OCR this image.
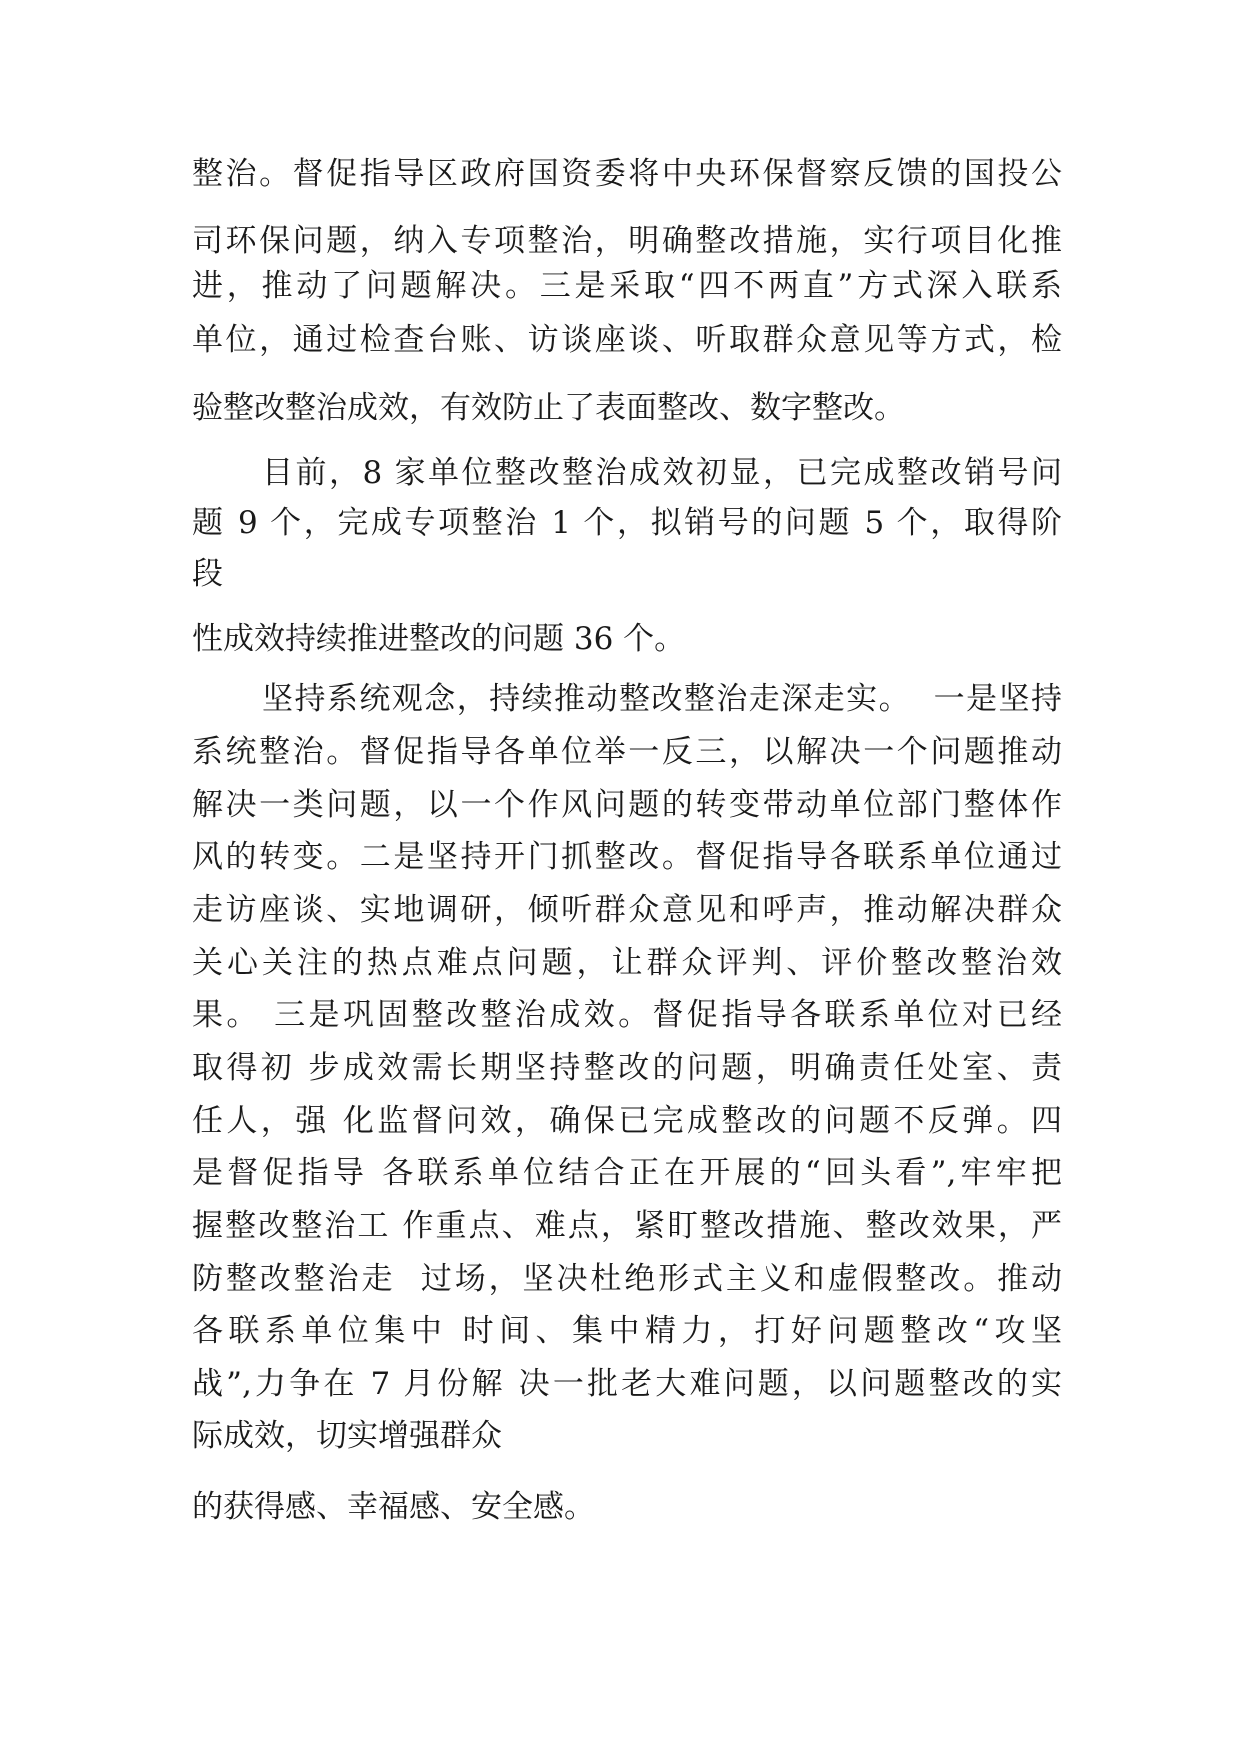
整治。督促指导区政府国资委将中央环保督察反馈的国投公
司环保问题，纳入专项整治，明确整改措施，实行项目化推
进，推动了问题解决。三是采取“四不两直”方式深入联系
单位，通过检查台账、访谈座谈、听取群众意见等方式，检
验整改整治成效，有效防止了表面整改、数字整改。
目前，8 家单位整改整治成效初显，已完成整改销号问
题 9 个，完成专项整治 1 个，拟销号的问题 5 个，取得阶
段
性成效持续推进整改的问题 36 个。
坚持系统观念，持续推动整改整治走深走实。  一是坚持
系统整治。督促指导各单位举一反三，以解决一个问题推动
解决一类问题，以一个作风问题的转变带动单位部门整体作
风的转变。二是坚持开门抓整改。督促指导各联系单位通过
走访座谈、实地调研，倾听群众意见和呼声，推动解决群众
关心关注的热点难点问题，让群众评判、评价整改整治效
果。 三是巩固整改整治成效。督促指导各联系单位对已经
取得初 步成效需长期坚持整改的问题，明确责任处室、责
任人，强 化监督问效，确保已完成整改的问题不反弹。四
是督促指导 各联系单位结合正在开展的“回头看”,牢牢把
握整改整治工 作重点、难点，紧盯整改措施、整改效果，严
防整改整治走  过场，坚决杜绝形式主义和虚假整改。推动
各联系单位集中 时间、集中精力，打好问题整改“攻坚
战”,力争在 7 月份解 决一批老大难问题，以问题整改的实
际成效，切实增强群众
的获得感、幸福感、安全感。
